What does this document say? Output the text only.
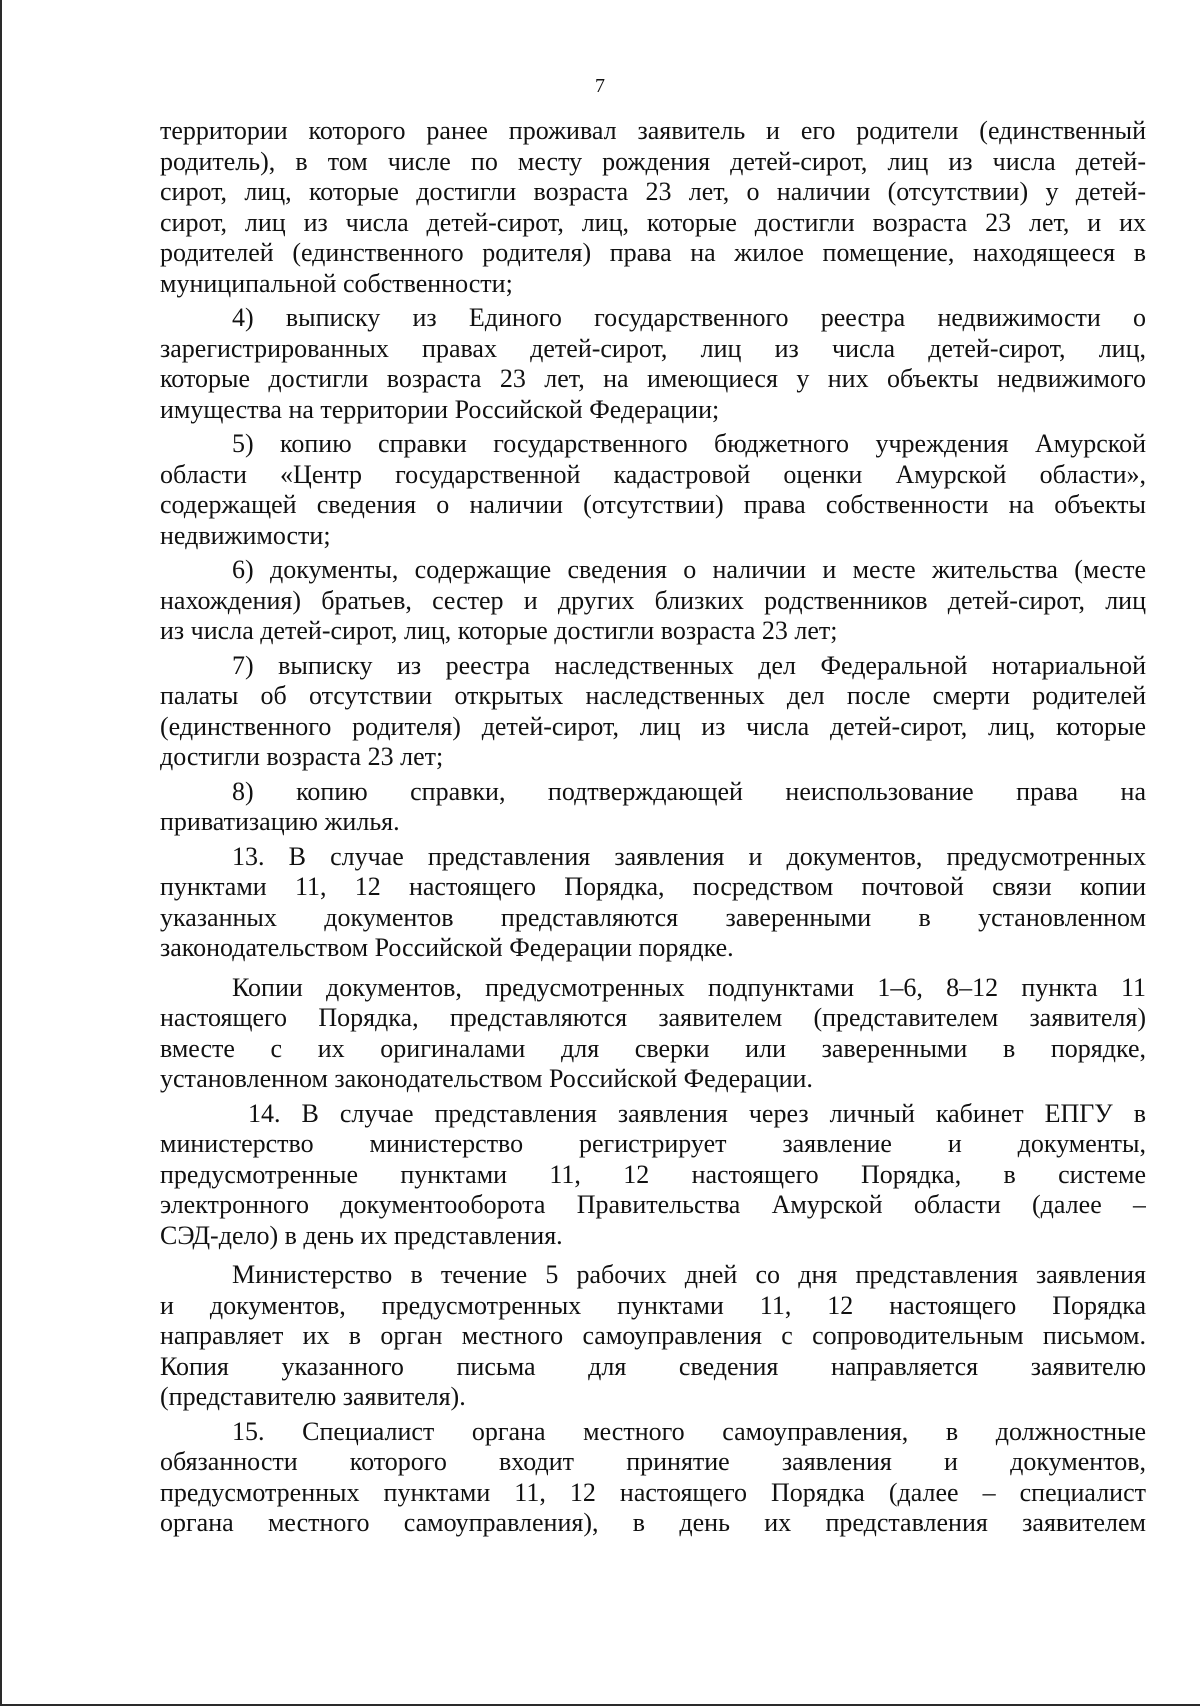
7
территории которого ранее проживал заявитель и его родители (единственный
родитель), в том числе по месту рождения детей-сирот, лиц из числа детей-
сирот, лиц, которые достигли возраста 23 лет, о наличии (отсутствии) у детей-
сирот, лиц из числа детей-сирот, лиц, которые достигли возраста 23 лет, и их
родителей (единственного родителя) права на жилое помещение, находящееся в
муниципальной собственности;
4) выписку из Единого государственного реестра недвижимости о
зарегистрированных правах детей-сирот, лиц из числа детей-сирот, лиц,
которые достигли возраста 23 лет, на имеющиеся у них объекты недвижимого
имущества на территории Российской Федерации;
5) копию справки государственного бюджетного учреждения Амурской
области «Центр государственной кадастровой оценки Амурской области»,
содержащей сведения о наличии (отсутствии) права собственности на объекты
недвижимости;
6) документы, содержащие сведения о наличии и месте жительства (месте
нахождения) братьев, сестер и других близких родственников детей-сирот, лиц
из числа детей-сирот, лиц, которые достигли возраста 23 лет;
7) выписку из реестра наследственных дел Федеральной нотариальной
палаты об отсутствии открытых наследственных дел после смерти родителей
(единственного родителя) детей-сирот, лиц из числа детей-сирот, лиц, которые
достигли возраста 23 лет;
8) копию справки, подтверждающей неиспользование права на
приватизацию жилья.
13. В случае представления заявления и документов, предусмотренных
пунктами 11, 12 настоящего Порядка, посредством почтовой связи копии
указанных документов представляются заверенными в установленном
законодательством Российской Федерации порядке.
Копии документов, предусмотренных подпунктами 1–6, 8–12 пункта 11
настоящего Порядка, представляются заявителем (представителем заявителя)
вместе с их оригиналами для сверки или заверенными в порядке,
установленном законодательством Российской Федерации.
14. В случае представления заявления через личный кабинет ЕПГУ в
министерство министерство регистрирует заявление и документы,
предусмотренные пунктами 11, 12 настоящего Порядка, в системе
электронного документооборота Правительства Амурской области (далее –
СЭД-дело) в день их представления.
Министерство в течение 5 рабочих дней со дня представления заявления
и документов, предусмотренных пунктами 11, 12 настоящего Порядка
направляет их в орган местного самоуправления с сопроводительным письмом.
Копия указанного письма для сведения направляется заявителю
(представителю заявителя).
15. Специалист органа местного самоуправления, в должностные
обязанности которого входит принятие заявления и документов,
предусмотренных пунктами 11, 12 настоящего Порядка (далее – специалист
органа местного самоуправления), в день их представления заявителем
